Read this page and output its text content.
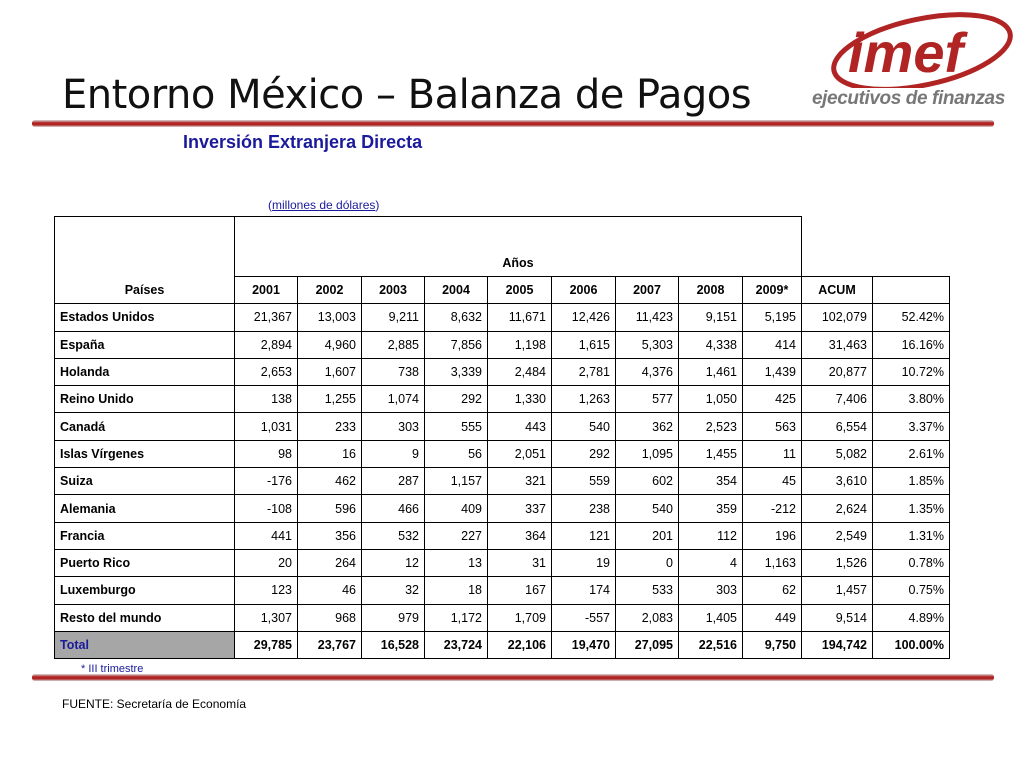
Entorno México – Balanza de Pagos
imef
ejecutivos de finanzas
Inversión Extranjera Directa
(millones de dólares)
Países	Años										
	2001	2002	2003	2004	2005	2006	2007	2008	2009*	ACUM	
Estados Unidos	21,367	13,003	9,211	8,632	11,671	12,426	11,423	9,151	5,195	102,079	52.42%
España	2,894	4,960	2,885	7,856	1,198	1,615	5,303	4,338	414	31,463	16.16%
Holanda	2,653	1,607	738	3,339	2,484	2,781	4,376	1,461	1,439	20,877	10.72%
Reino Unido	138	1,255	1,074	292	1,330	1,263	577	1,050	425	7,406	3.80%
Canadá	1,031	233	303	555	443	540	362	2,523	563	6,554	3.37%
Islas Vírgenes	98	16	9	56	2,051	292	1,095	1,455	11	5,082	2.61%
Suiza	-176	462	287	1,157	321	559	602	354	45	3,610	1.85%
Alemania	-108	596	466	409	337	238	540	359	-212	2,624	1.35%
Francia	441	356	532	227	364	121	201	112	196	2,549	1.31%
Puerto Rico	20	264	12	13	31	19	0	4	1,163	1,526	0.78%
Luxemburgo	123	46	32	18	167	174	533	303	62	1,457	0.75%
Resto del mundo	1,307	968	979	1,172	1,709	-557	2,083	1,405	449	9,514	4.89%
Total	29,785	23,767	16,528	23,724	22,106	19,470	27,095	22,516	9,750	194,742	100.00%
* III trimestre
FUENTE: Secretaría de Economía
